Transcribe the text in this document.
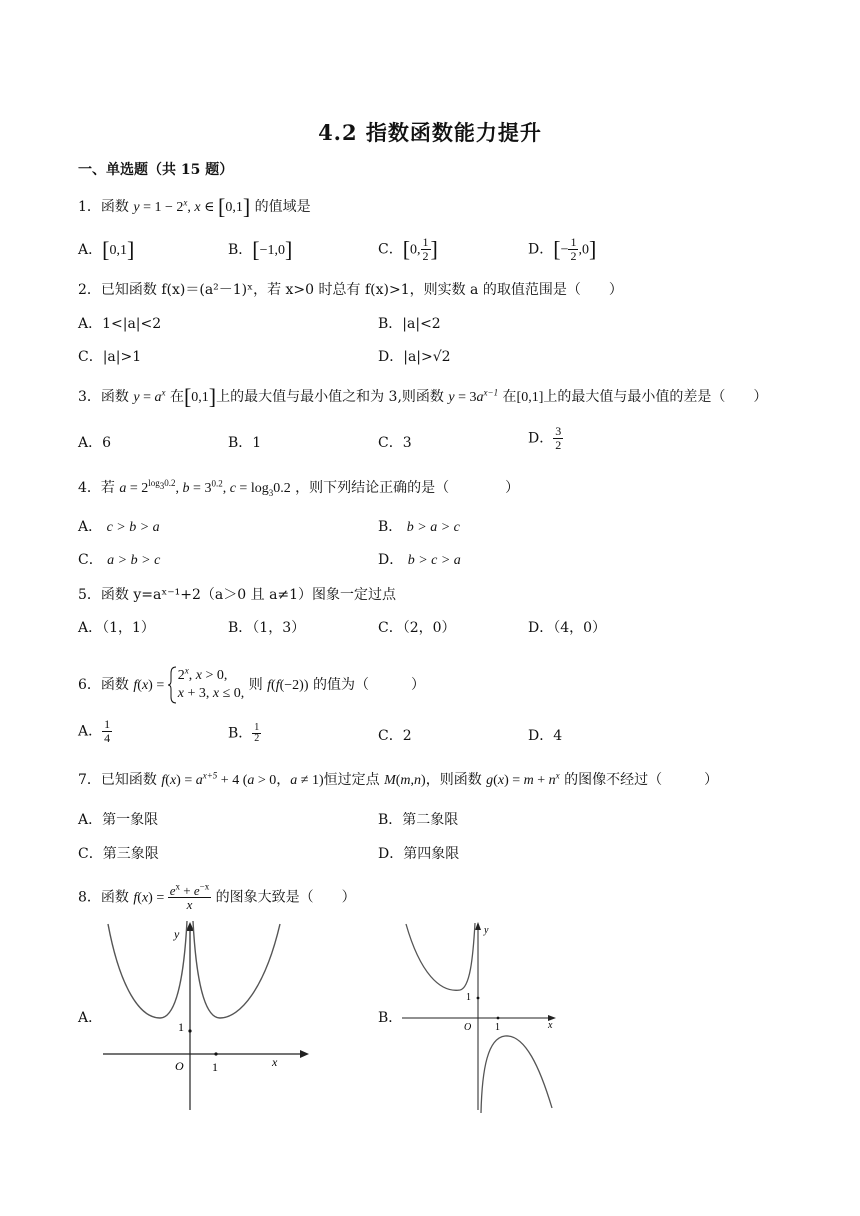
4.2 指数函数能力提升
一、单选题（共 15 题）
1．函数 $y = 1 - 2^x$, x ∈ [0,1] 的值域是
A．[0,1]	B．[−1,0]	C．[0, $\frac{1}{2}$ ]	D．[− $\frac{1}{2} ,0$]
2．已知函数 f(x)＝(a²－1)ˣ，若 x>0 时总有 f(x)>1，则实数 a 的取值范围是（　　）
A．1<|a|<2	B．|a|<2
C．|a|>1	D．|a|>√2
3．函数 $y = a^x$ 在[0,1]上的最大值与最小值之和为 3,则函数 $y = 3a^{x-1}$ 在[0,1]上的最大值与最小值的差是（　　）
A．6	B．1	C．3	D． $\frac{3}{2}$
4．若 $a = 2^{log_30.2}$, $b = 3^{0.2}$, $c = \log_30.2$ ，则下列结论正确的是（　　　　）
A． c > b > a	B． b > a > c
C． a > b > c	D． b > c > a
5．函数 y=aˣ⁻¹+2（a＞0 且 a≠1）图象一定过点
A．（1，1）	B．（1，3）	C．（2，0）	D．（4，0）
6．函数 f(x) =
2$^x$, x > 0,
x + 3, x ≤ 0,
则 f(f(−2)) 的值为（　　　）
A． $\frac{1}{4}$	B． $\frac{1}{2}$	C．2	D．4
7．已知函数 $f(x) = a^{x+5} + 4$ (a > 0，a ≠ 1)恒过定点 M(m,n)，则函数 $g(x) = m + n^x$ 的图像不经过（　　　）
A．第一象限	B．第二象限
C．第三象限	D．第四象限
8．函数 $f(x) = \frac{e^x + e^{-x}}{x}$ 的图象大致是（　　）
A．	B．
y
x
O
1
1
y
x
O
1
1
